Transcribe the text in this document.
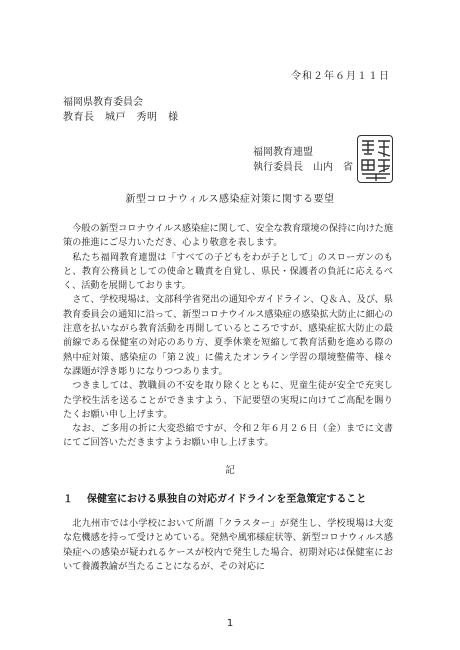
令和２年６月１１日
福岡県教育委員会
教育長　城戸　秀明　様
福岡教育連盟
執行委員長　山内　省
新型コロナウィルス感染症対策に関する要望

今般の新型コロナウイルス感染症に関して、安全な教育環境の保持に向けた施策の推進にご尽力いただき、心より敬意を表します。

私たち福岡教育連盟は「すべての子どもをわが子として」のスローガンのもと、教育公務員としての使命と職責を自覚し、県民・保護者の負託に応えるべく、活動を展開しております。

さて、学校現場は、文部科学省発出の通知やガイドライン、Ｑ＆Ａ、及び、県教育委員会の通知に沿って、新型コロナウイルス感染症の感染拡大防止に細心の注意を払いながら教育活動を再開しているところですが、感染症拡大防止の最前線である保健室の対応のあり方、夏季休業を短縮して教育活動を進める際の熱中症対策、感染症の「第２波」に備えたオンライン学習の環境整備等、様々な課題が浮き彫りになりつつあります。

つきましては、教職員の不安を取り除くとともに、児童生徒が安全で充実した学校生活を送ることができますよう、下記要望の実現に向けてご高配を賜りたくお願い申し上げます。

なお、ご多用の折に大変恐縮ですが、令和２年６月２６日（金）までに文書にてご回答いただきますようお願い申し上げます。

記
１	保健室における県独自の対応ガイドラインを至急策定すること

北九州市では小学校において所謂「クラスター」が発生し、学校現場は大変な危機感を持って受けとめている。発熱や風邪様症状等、新型コロナウィルス感染症への感染が疑われるケースが校内で発生した場合、初期対応は保健室において養護教諭が当たることになるが、その対応に

1
